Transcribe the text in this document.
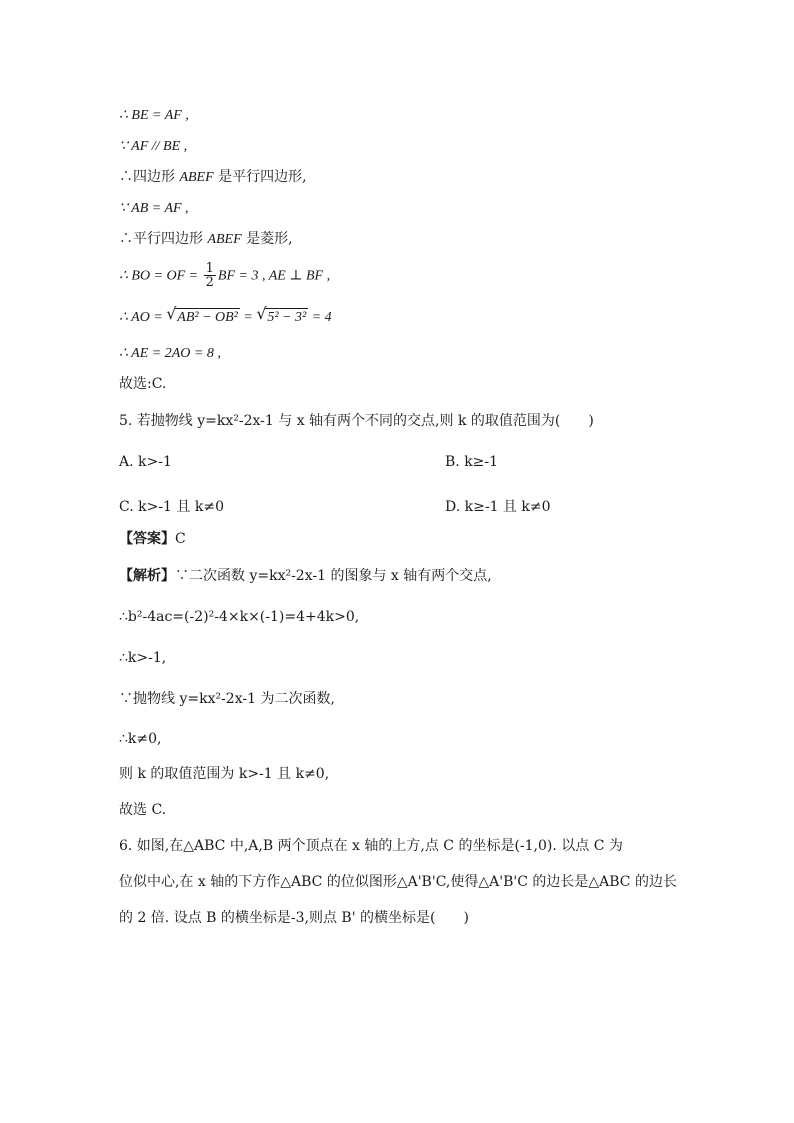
∴ BE = AF ,
∵ AF // BE ,
∴四边形 ABEF 是平行四边形,
∵ AB = AF ,
∴平行四边形 ABEF 是菱形,
∴ BO = OF = $\frac{1}{2}$ BF = 3 , AE ⊥ BF ,
∴ AO = √ AB² − OB² = √ 5² − 3² = 4
∴ AE = 2AO = 8 ,
故选:C.
5. 若抛物线 y=kx²-2x-1 与 x 轴有两个不同的交点,则 k 的取值范围为(　　)
A. k>-1	B. k≥-1
C. k>-1 且 k≠0	D. k≥-1 且 k≠0
【答案】C
【解析】∵二次函数 y=kx²-2x-1 的图象与 x 轴有两个交点,
∴b²-4ac=(-2)²-4×k×(-1)=4+4k>0,
∴k>-1,
∵抛物线 y=kx²-2x-1 为二次函数,
∴k≠0,
则 k 的取值范围为 k>-1 且 k≠0,
故选 C.
6. 如图,在△ABC 中,A,B 两个顶点在 x 轴的上方,点 C 的坐标是(-1,0). 以点 C 为
位似中心,在 x 轴的下方作△ABC 的位似图形△A'B'C,使得△A'B'C 的边长是△ABC 的边长
的 2 倍. 设点 B 的横坐标是-3,则点 B' 的横坐标是(　　)
